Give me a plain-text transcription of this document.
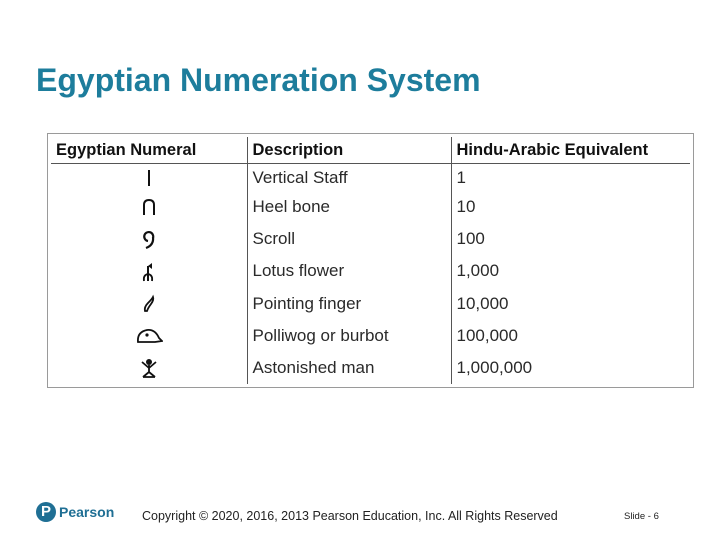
Egyptian Numeration System
Egyptian Numeral	Description	Hindu-Arabic Equivalent
	Vertical Staff	1
	Heel bone	10
	Scroll	100
	Lotus flower	1,000
	Pointing finger	10,000
	Polliwog or burbot	100,000
	Astonished man	1,000,000
P Pearson Copyright © 2020, 2016, 2013 Pearson Education, Inc. All Rights Reserved	Slide - 6
